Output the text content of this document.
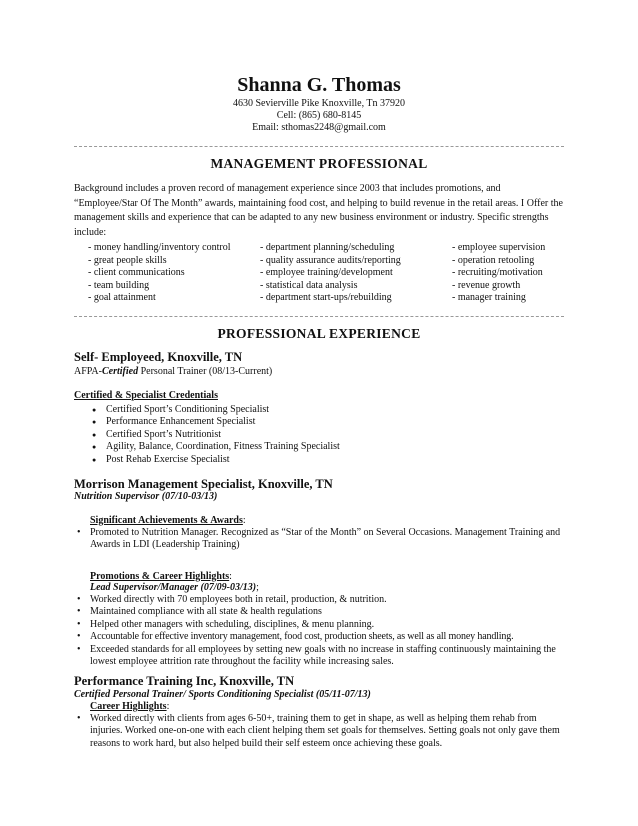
Shanna G. Thomas
4630 Sevierville Pike Knoxville, Tn 37920
Cell: (865) 680-8145
Email: sthomas2248@gmail.com
MANAGEMENT PROFESSIONAL
Background includes a proven record of management experience since 2003 that includes promotions, and “Employee/Star Of The Month” awards, maintaining food cost, and helping to build revenue in the retail areas. I Offer the management skills and experience that can be adapted to any new business environment or industry. Specific strengths include:
- money handling/inventory control
- great people skills
- client communications
- team building
- goal attainment
- department planning/scheduling
- quality assurance audits/reporting
- employee training/development
- statistical data analysis
- department start-ups/rebuilding
- employee supervision
- operation retooling
- recruiting/motivation
- revenue growth
- manager training
PROFESSIONAL EXPERIENCE
Self- Employeed, Knoxville, TN
AFPA-Certified Personal Trainer (08/13-Current)
Certified & Specialist Credentials
● Certified Sport’s Conditioning Specialist
● Performance Enhancement Specialist
● Certified Sport’s Nutritionist
● Agility, Balance, Coordination, Fitness Training Specialist
● Post Rehab Exercise Specialist
Morrison Management Specialist, Knoxville, TN
Nutrition Supervisor (07/10-03/13)
Significant Achievements & Awards:
• Promoted to Nutrition Manager. Recognized as “Star of the Month” on Several Occasions. Management Training and Awards in LDI (Leadership Training)
Promotions & Career Highlights:
Lead Supervisor/Manager (07/09-03/13);
• Worked directly with 70 employees both in retail, production, & nutrition.
• Maintained compliance with all state & health regulations
• Helped other managers with scheduling, disciplines, & menu planning.
• Accountable for effective inventory management, food cost, production sheets, as well as all money handling.
• Exceeded standards for all employees by setting new goals with no increase in staffing continuously maintaining the lowest employee attrition rate throughout the facility while increasing sales.
Performance Training Inc, Knoxville, TN
Certified Personal Trainer/ Sports Conditioning Specialist (05/11-07/13)
Career Highlights:
• Worked directly with clients from ages 6-50+, training them to get in shape, as well as helping them rehab from injuries. Worked one-on-one with each client helping them set goals for themselves. Setting goals not only gave them reasons to work hard, but also helped build their self esteem once achieving these goals.
